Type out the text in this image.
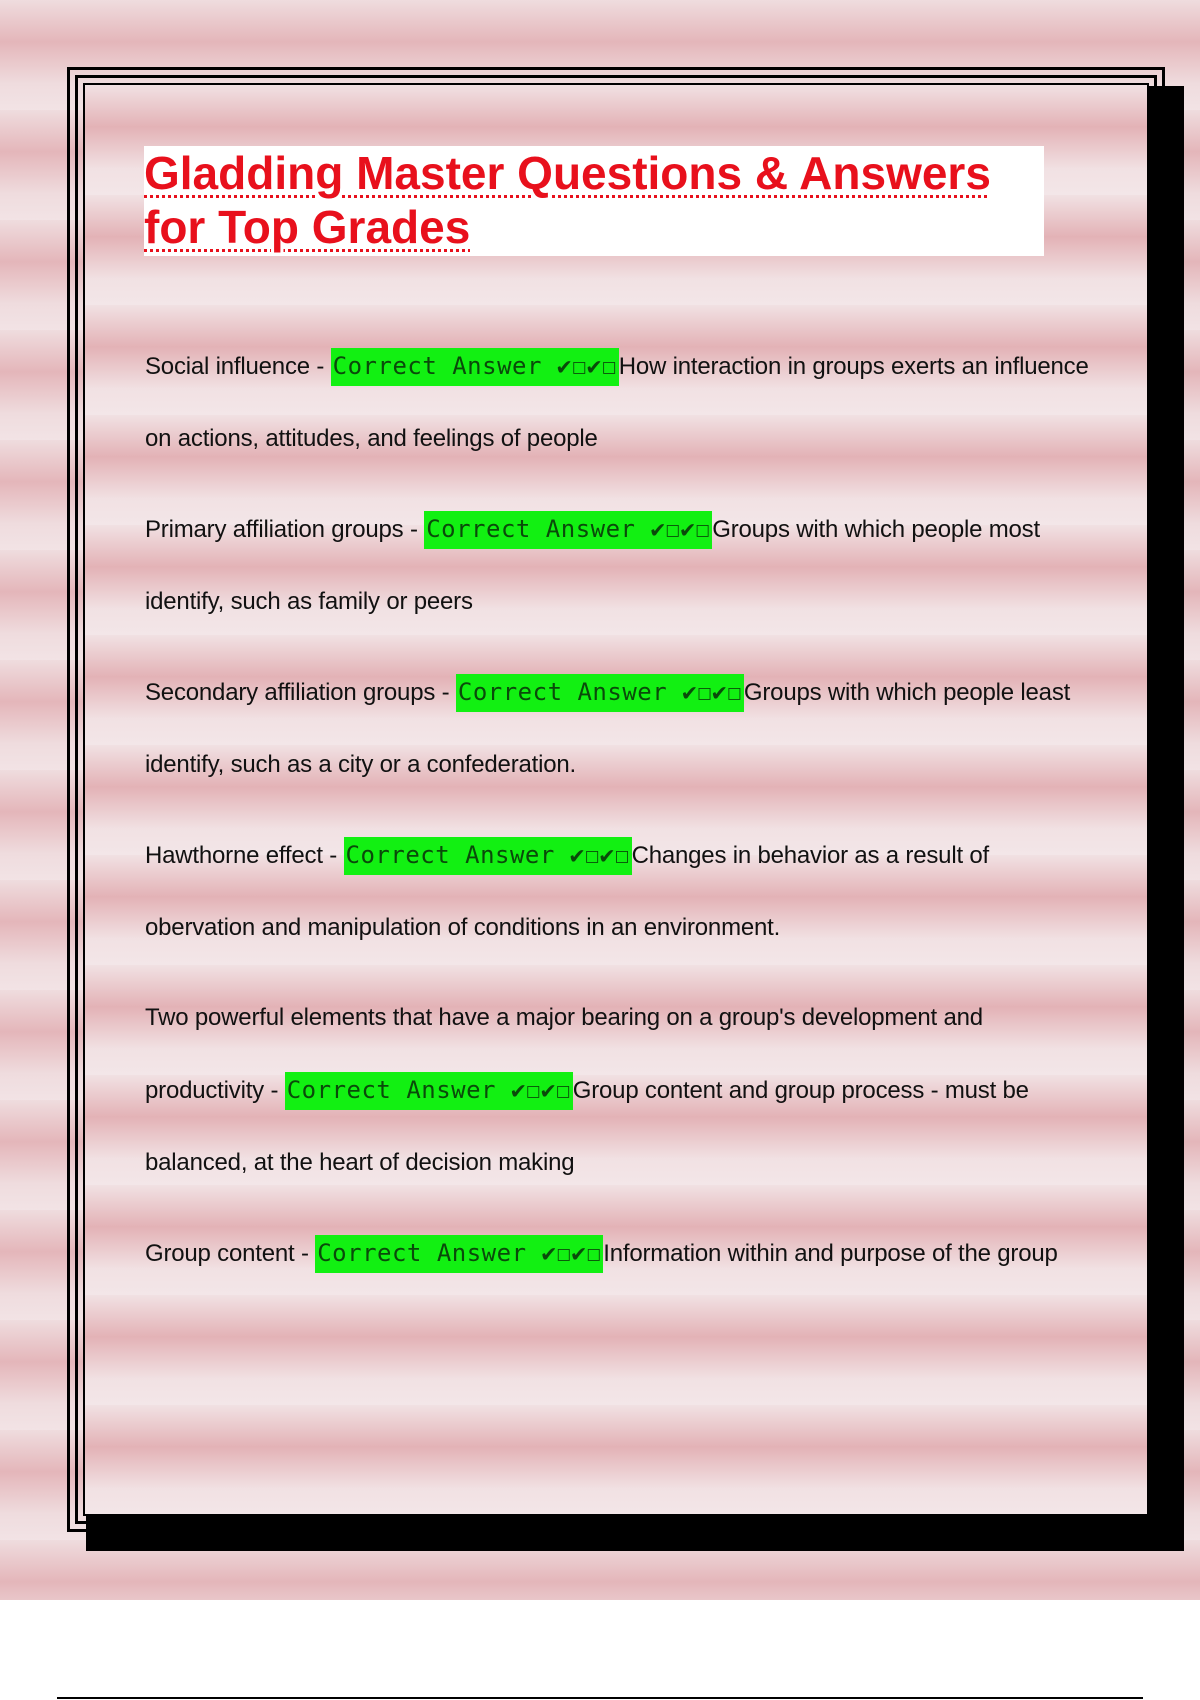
Gladding Master Questions & Answers for Top Grades

Social influence - Correct Answer ✔☐✔☐How interaction in groups exerts an influence on actions, attitudes, and feelings of people

Primary affiliation groups - Correct Answer ✔☐✔☐Groups with which people most identify, such as family or peers

Secondary affiliation groups - Correct Answer ✔☐✔☐Groups with which people least identify, such as a city or a confederation.

Hawthorne effect - Correct Answer ✔☐✔☐Changes in behavior as a result of obervation and manipulation of conditions in an environment.

Two powerful elements that have a major bearing on a group's development and productivity - Correct Answer ✔☐✔☐Group content and group process - must be balanced, at the heart of decision making

Group content - Correct Answer ✔☐✔☐Information within and purpose of the group
